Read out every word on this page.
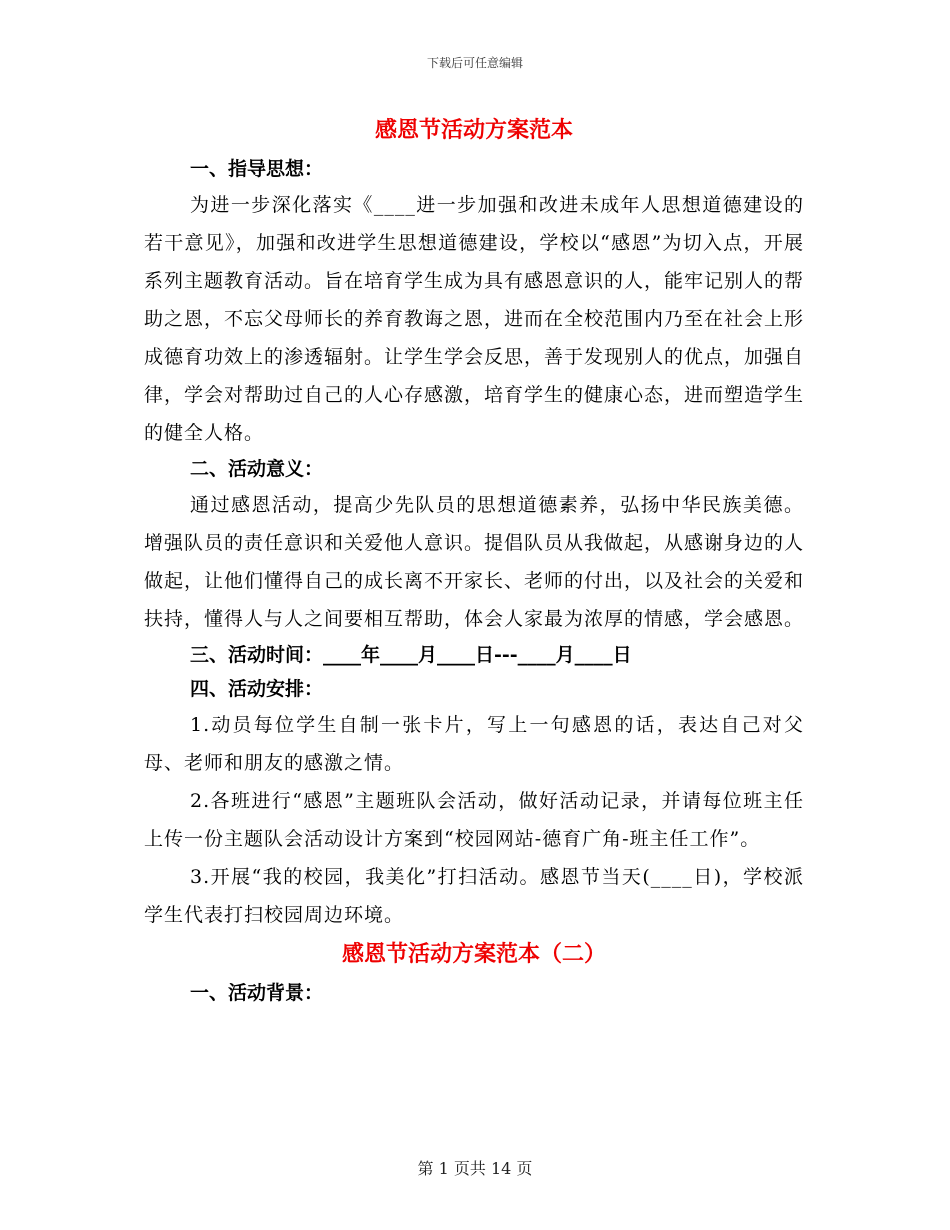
下载后可任意编辑
感恩节活动方案范本
一、指导思想：
为进一步深化落实《____进一步加强和改进未成年人思想道德建设的若干意见》，加强和改进学生思想道德建设，学校以“感恩”为切入点，开展系列主题教育活动。旨在培育学生成为具有感恩意识的人，能牢记别人的帮助之恩，不忘父母师长的养育教诲之恩，进而在全校范围内乃至在社会上形成德育功效上的渗透辐射。让学生学会反思，善于发现别人的优点，加强自律，学会对帮助过自己的人心存感激，培育学生的健康心态，进而塑造学生的健全人格。
二、活动意义：
通过感恩活动，提高少先队员的思想道德素养，弘扬中华民族美德。增强队员的责任意识和关爱他人意识。提倡队员从我做起，从感谢身边的人做起，让他们懂得自己的成长离不开家长、老师的付出，以及社会的关爱和扶持，懂得人与人之间要相互帮助，体会人家最为浓厚的情感，学会感恩。
三、活动时间：____年____月____日---____月____日
四、活动安排：
1.动员每位学生自制一张卡片，写上一句感恩的话，表达自己对父母、老师和朋友的感激之情。
2.各班进行“感恩”主题班队会活动，做好活动记录，并请每位班主任上传一份主题队会活动设计方案到“校园网站-德育广角-班主任工作”。
3.开展“我的校园，我美化”打扫活动。感恩节当天(____日)，学校派学生代表打扫校园周边环境。
感恩节活动方案范本（二）
一、活动背景：
第 1 页共 14 页
